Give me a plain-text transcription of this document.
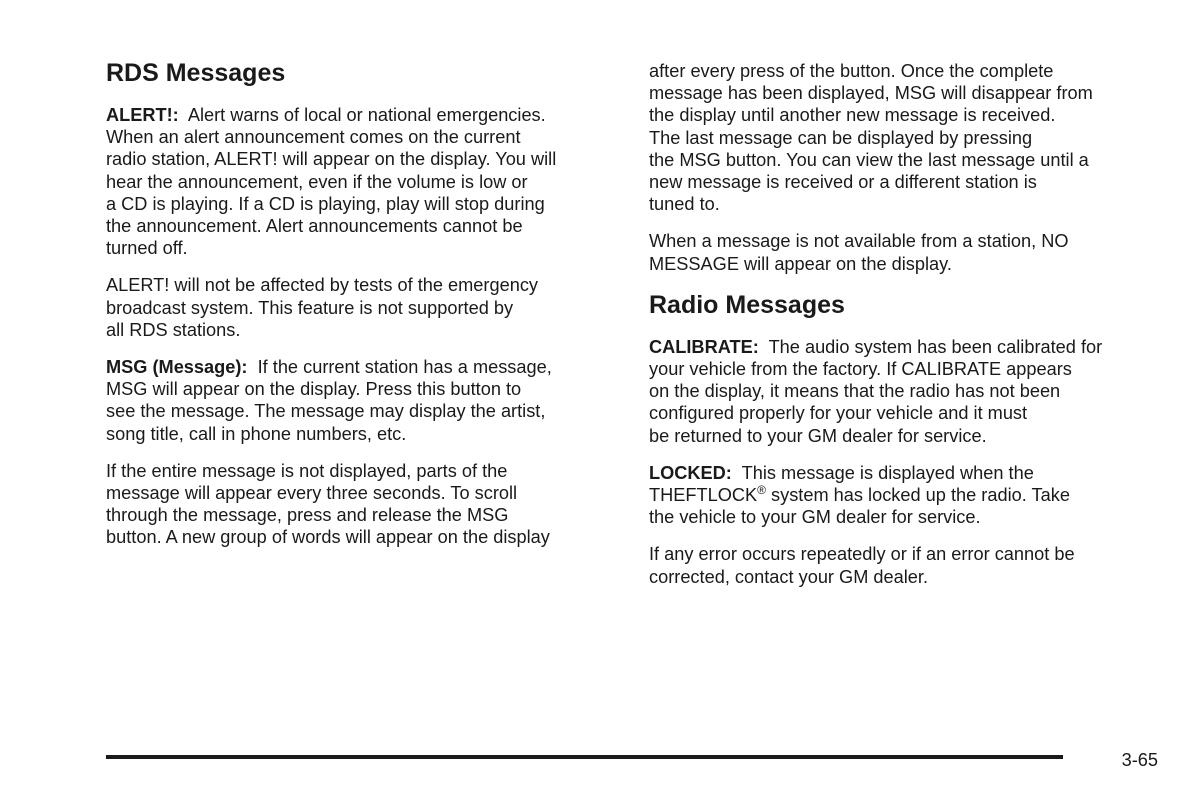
RDS Messages
ALERT!: Alert warns of local or national emergencies.
When an alert announcement comes on the current
radio station, ALERT! will appear on the display. You will
hear the announcement, even if the volume is low or
a CD is playing. If a CD is playing, play will stop during
the announcement. Alert announcements cannot be
turned off.
ALERT! will not be affected by tests of the emergency
broadcast system. This feature is not supported by
all RDS stations.
MSG (Message): If the current station has a message,
MSG will appear on the display. Press this button to
see the message. The message may display the artist,
song title, call in phone numbers, etc.
If the entire message is not displayed, parts of the
message will appear every three seconds. To scroll
through the message, press and release the MSG
button. A new group of words will appear on the display
after every press of the button. Once the complete
message has been displayed, MSG will disappear from
the display until another new message is received.
The last message can be displayed by pressing
the MSG button. You can view the last message until a
new message is received or a different station is
tuned to.
When a message is not available from a station, NO
MESSAGE will appear on the display.
Radio Messages
CALIBRATE: The audio system has been calibrated for
your vehicle from the factory. If CALIBRATE appears
on the display, it means that the radio has not been
configured properly for your vehicle and it must
be returned to your GM dealer for service.
LOCKED: This message is displayed when the
THEFTLOCK® system has locked up the radio. Take
the vehicle to your GM dealer for service.
If any error occurs repeatedly or if an error cannot be
corrected, contact your GM dealer.
3-65
